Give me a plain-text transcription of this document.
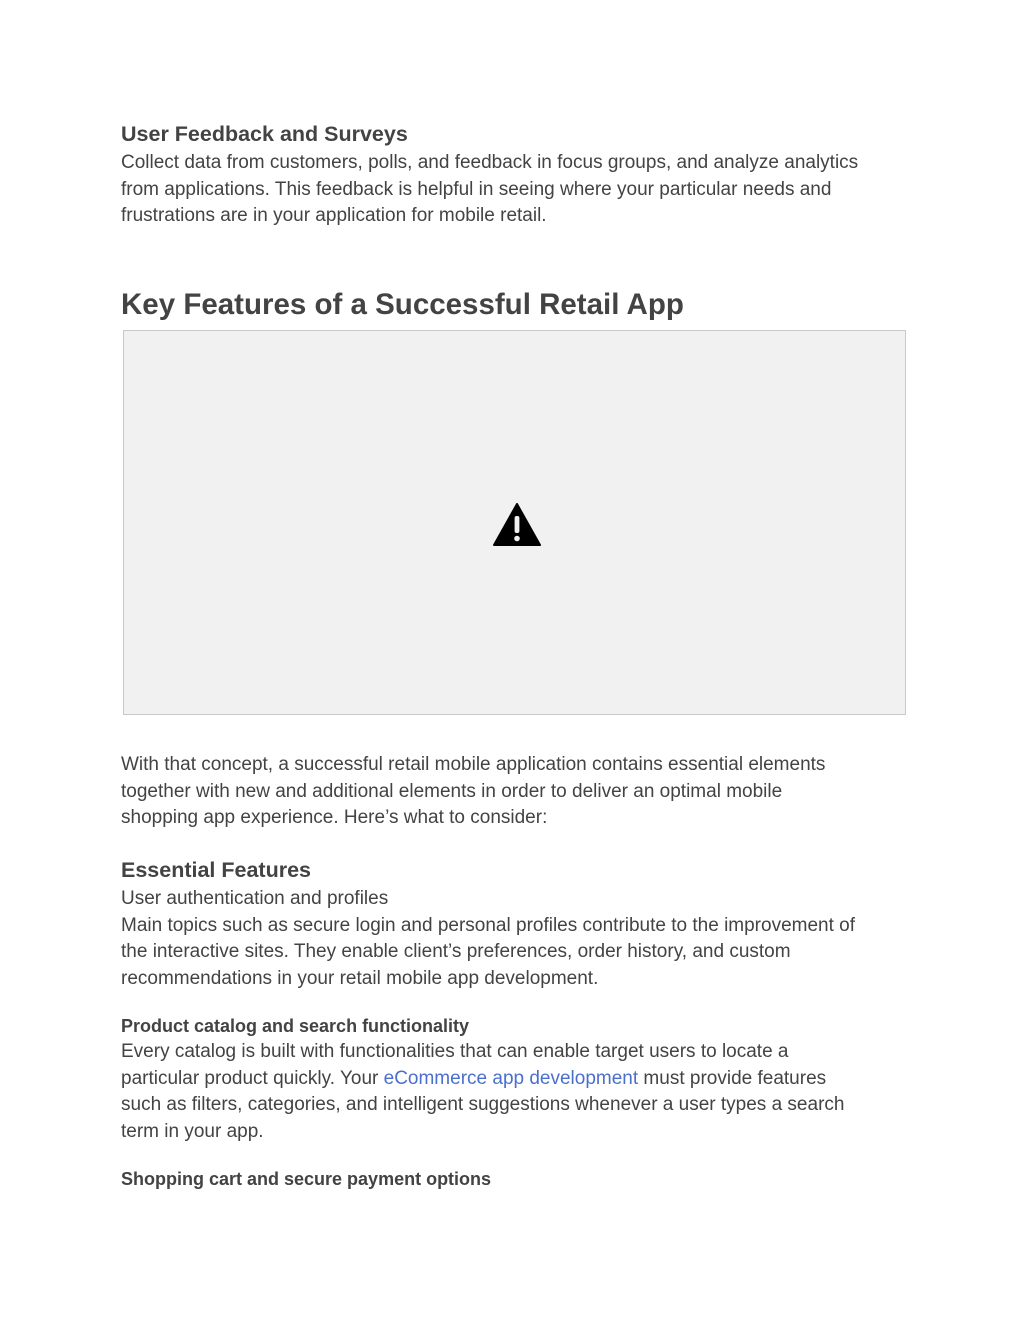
User Feedback and Surveys
Collect data from customers, polls, and feedback in focus groups, and analyze analytics
from applications. This feedback is helpful in seeing where your particular needs and
frustrations are in your application for mobile retail.
Key Features of a Successful Retail App
With that concept, a successful retail mobile application contains essential elements
together with new and additional elements in order to deliver an optimal mobile
shopping app experience. Here’s what to consider:
Essential Features
User authentication and profiles
Main topics such as secure login and personal profiles contribute to the improvement of
the interactive sites. They enable client’s preferences, order history, and custom
recommendations in your retail mobile app development.
Product catalog and search functionality
Every catalog is built with functionalities that can enable target users to locate a
particular product quickly. Your eCommerce app development must provide features
such as filters, categories, and intelligent suggestions whenever a user types a search
term in your app.
Shopping cart and secure payment options
